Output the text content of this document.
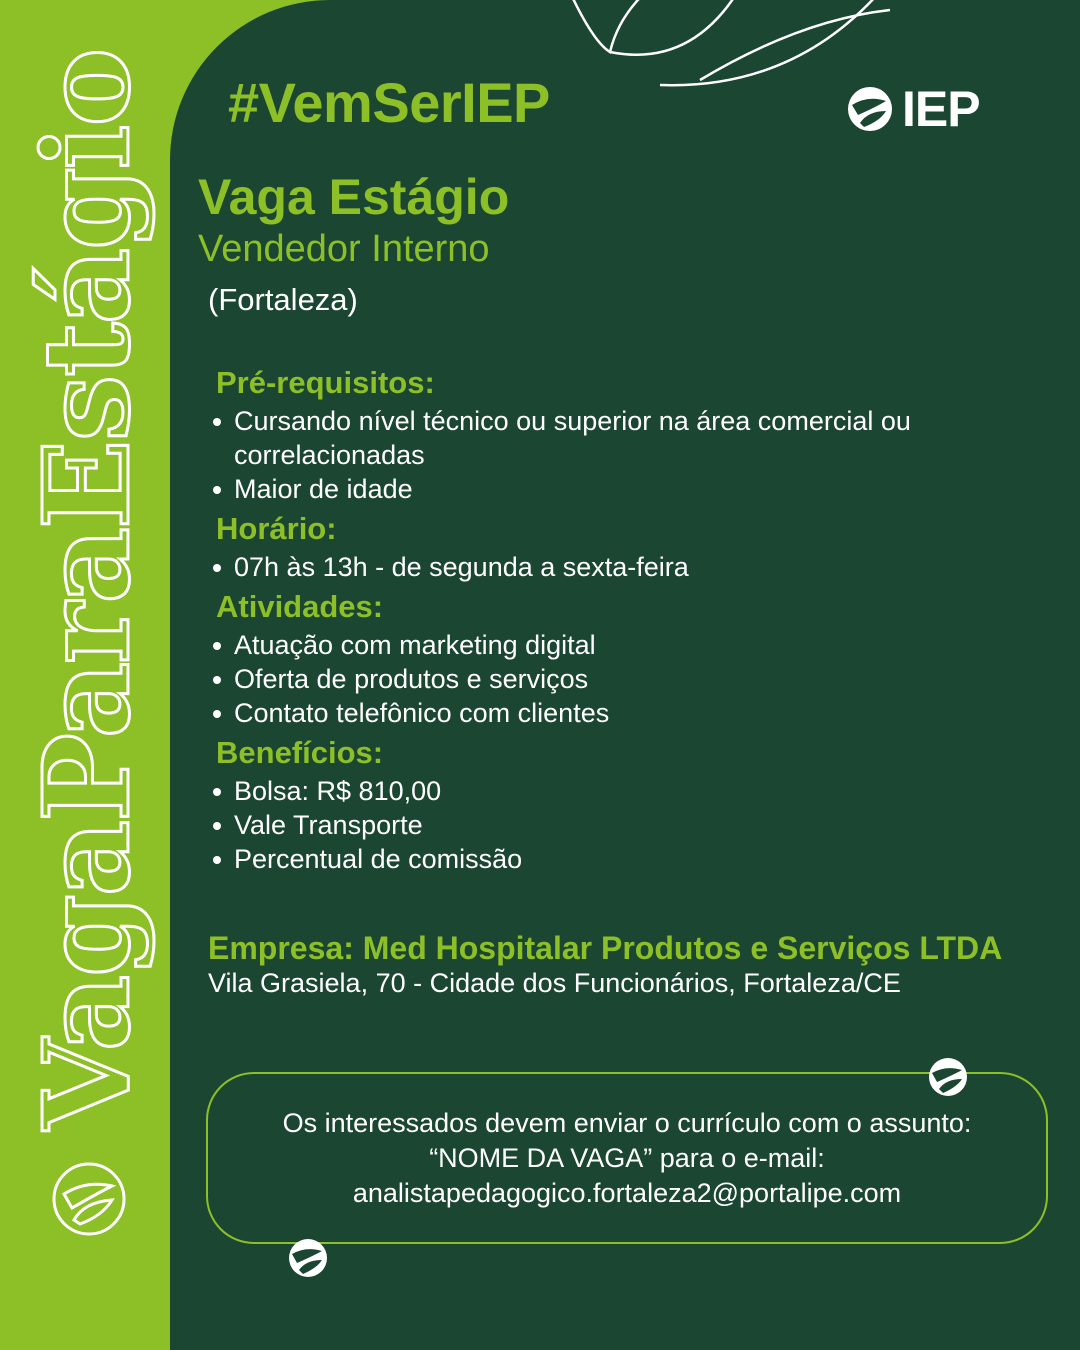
VagaParaEstágio #VemSerIEP	IEP
Vaga Estágio
Vendedor Interno
(Fortaleza)
Pré-requisitos:
Cursando nível técnico ou superior na área comercial ou correlacionadas
Maior de idade
Horário:
07h às 13h - de segunda a sexta-feira
Atividades:
Atuação com marketing digital
Oferta de produtos e serviços
Contato telefônico com clientes
Benefícios:
Bolsa: R$ 810,00
Vale Transporte
Percentual de comissão
Empresa: Med Hospitalar Produtos e Serviços LTDA
Vila Grasiela, 70 - Cidade dos Funcionários, Fortaleza/CE
Os interessados devem enviar o currículo com o assunto:
“NOME DA VAGA” para o e-mail:
analistapedagogico.fortaleza2@portalipe.com
